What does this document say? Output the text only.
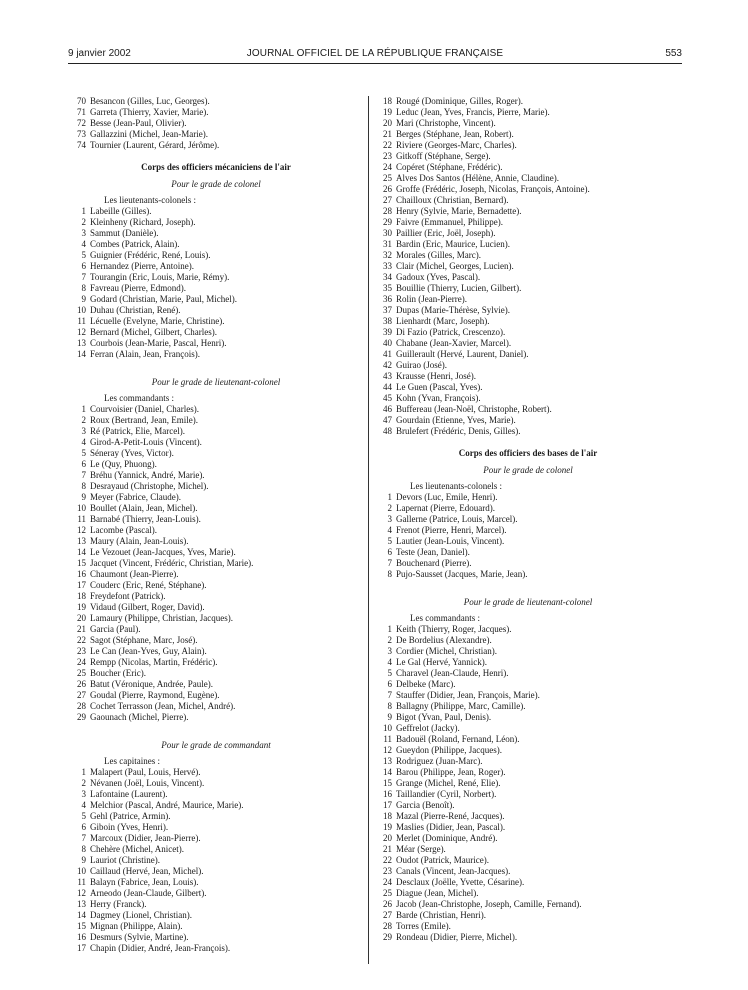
9 janvier 2002	JOURNAL OFFICIEL DE LA RÉPUBLIQUE FRANÇAISE	553
70 Besancon (Gilles, Luc, Georges).
71 Garreta (Thierry, Xavier, Marie).
72 Besse (Jean-Paul, Olivier).
73 Gallazzini (Michel, Jean-Marie).
74 Tournier (Laurent, Gérard, Jérôme).
Corps des officiers mécaniciens de l'air
Pour le grade de colonel
Les lieutenants-colonels :
1 Labeille (Gilles).
2 Kleinheny (Richard, Joseph).
3 Sammut (Danièle).
4 Combes (Patrick, Alain).
5 Guignier (Frédéric, René, Louis).
6 Hernandez (Pierre, Antoine).
7 Tourangin (Eric, Louis, Marie, Rémy).
8 Favreau (Pierre, Edmond).
9 Godard (Christian, Marie, Paul, Michel).
10 Duhau (Christian, René).
11 Lécuelle (Evelyne, Marie, Christine).
12 Bernard (Michel, Gilbert, Charles).
13 Courbois (Jean-Marie, Pascal, Henri).
14 Ferran (Alain, Jean, François).
Pour le grade de lieutenant-colonel
Les commandants :
1 Courvoisier (Daniel, Charles).
2 Roux (Bertrand, Jean, Emile).
3 Ré (Patrick, Elie, Marcel).
4 Girod-A-Petit-Louis (Vincent).
5 Séneray (Yves, Victor).
6 Le (Quy, Phuong).
7 Bréhu (Yannick, André, Marie).
8 Desrayaud (Christophe, Michel).
9 Meyer (Fabrice, Claude).
10 Boullet (Alain, Jean, Michel).
11 Barnabé (Thierry, Jean-Louis).
12 Lacombe (Pascal).
13 Maury (Alain, Jean-Louis).
14 Le Vezouet (Jean-Jacques, Yves, Marie).
15 Jacquet (Vincent, Frédéric, Christian, Marie).
16 Chaumont (Jean-Pierre).
17 Couderc (Eric, René, Stéphane).
18 Freydefont (Patrick).
19 Vidaud (Gilbert, Roger, David).
20 Lamaury (Philippe, Christian, Jacques).
21 Garcia (Paul).
22 Sagot (Stéphane, Marc, José).
23 Le Can (Jean-Yves, Guy, Alain).
24 Rempp (Nicolas, Martin, Frédéric).
25 Boucher (Eric).
26 Batut (Véronique, Andrée, Paule).
27 Goudal (Pierre, Raymond, Eugène).
28 Cochet Terrasson (Jean, Michel, André).
29 Gaounach (Michel, Pierre).
Pour le grade de commandant
Les capitaines :
1 Malapert (Paul, Louis, Hervé).
2 Névanen (Joël, Louis, Vincent).
3 Lafontaine (Laurent).
4 Melchior (Pascal, André, Maurice, Marie).
5 Gehl (Patrice, Armin).
6 Giboin (Yves, Henri).
7 Marcoux (Didier, Jean-Pierre).
8 Chehère (Michel, Anicet).
9 Lauriot (Christine).
10 Caillaud (Hervé, Jean, Michel).
11 Balayn (Fabrice, Jean, Louis).
12 Arneodo (Jean-Claude, Gilbert).
13 Herry (Franck).
14 Dagmey (Lionel, Christian).
15 Mignan (Philippe, Alain).
16 Desmurs (Sylvie, Martine).
17 Chapin (Didier, André, Jean-François).
18 Rougé (Dominique, Gilles, Roger).
19 Leduc (Jean, Yves, Francis, Pierre, Marie).
20 Mari (Christophe, Vincent).
21 Berges (Stéphane, Jean, Robert).
22 Riviere (Georges-Marc, Charles).
23 Gitkoff (Stéphane, Serge).
24 Copéret (Stéphane, Frédéric).
25 Alves Dos Santos (Hélène, Annie, Claudine).
26 Groffe (Frédéric, Joseph, Nicolas, François, Antoine).
27 Chailloux (Christian, Bernard).
28 Henry (Sylvie, Marie, Bernadette).
29 Faivre (Emmanuel, Philippe).
30 Paillier (Eric, Joël, Joseph).
31 Bardin (Eric, Maurice, Lucien).
32 Morales (Gilles, Marc).
33 Clair (Michel, Georges, Lucien).
34 Gadoux (Yves, Pascal).
35 Bouillie (Thierry, Lucien, Gilbert).
36 Rolin (Jean-Pierre).
37 Dupas (Marie-Thérèse, Sylvie).
38 Lienhardt (Marc, Joseph).
39 Di Fazio (Patrick, Crescenzo).
40 Chabane (Jean-Xavier, Marcel).
41 Guillerault (Hervé, Laurent, Daniel).
42 Guirao (José).
43 Krausse (Henri, José).
44 Le Guen (Pascal, Yves).
45 Kohn (Yvan, François).
46 Buffereau (Jean-Noël, Christophe, Robert).
47 Gourdain (Etienne, Yves, Marie).
48 Brulefert (Frédéric, Denis, Gilles).
Corps des officiers des bases de l'air
Pour le grade de colonel
Les lieutenants-colonels :
1 Devors (Luc, Emile, Henri).
2 Lapernat (Pierre, Edouard).
3 Gallerne (Patrice, Louis, Marcel).
4 Frenot (Pierre, Henri, Marcel).
5 Lautier (Jean-Louis, Vincent).
6 Teste (Jean, Daniel).
7 Bouchenard (Pierre).
8 Pujo-Sausset (Jacques, Marie, Jean).
Pour le grade de lieutenant-colonel
Les commandants :
1 Keith (Thierry, Roger, Jacques).
2 De Bordelius (Alexandre).
3 Cordier (Michel, Christian).
4 Le Gal (Hervé, Yannick).
5 Charavel (Jean-Claude, Henri).
6 Delbeke (Marc).
7 Stauffer (Didier, Jean, François, Marie).
8 Ballagny (Philippe, Marc, Camille).
9 Bigot (Yvan, Paul, Denis).
10 Geffrelot (Jacky).
11 Badouël (Roland, Fernand, Léon).
12 Gueydon (Philippe, Jacques).
13 Rodriguez (Juan-Marc).
14 Barou (Philippe, Jean, Roger).
15 Grange (Michel, René, Elie).
16 Taillandier (Cyril, Norbert).
17 Garcia (Benoît).
18 Mazal (Pierre-René, Jacques).
19 Maslies (Didier, Jean, Pascal).
20 Merlet (Dominique, André).
21 Méar (Serge).
22 Oudot (Patrick, Maurice).
23 Canals (Vincent, Jean-Jacques).
24 Desclaux (Joëlle, Yvette, Césarine).
25 Diague (Jean, Michel).
26 Jacob (Jean-Christophe, Joseph, Camille, Fernand).
27 Barde (Christian, Henri).
28 Torres (Emile).
29 Rondeau (Didier, Pierre, Michel).
